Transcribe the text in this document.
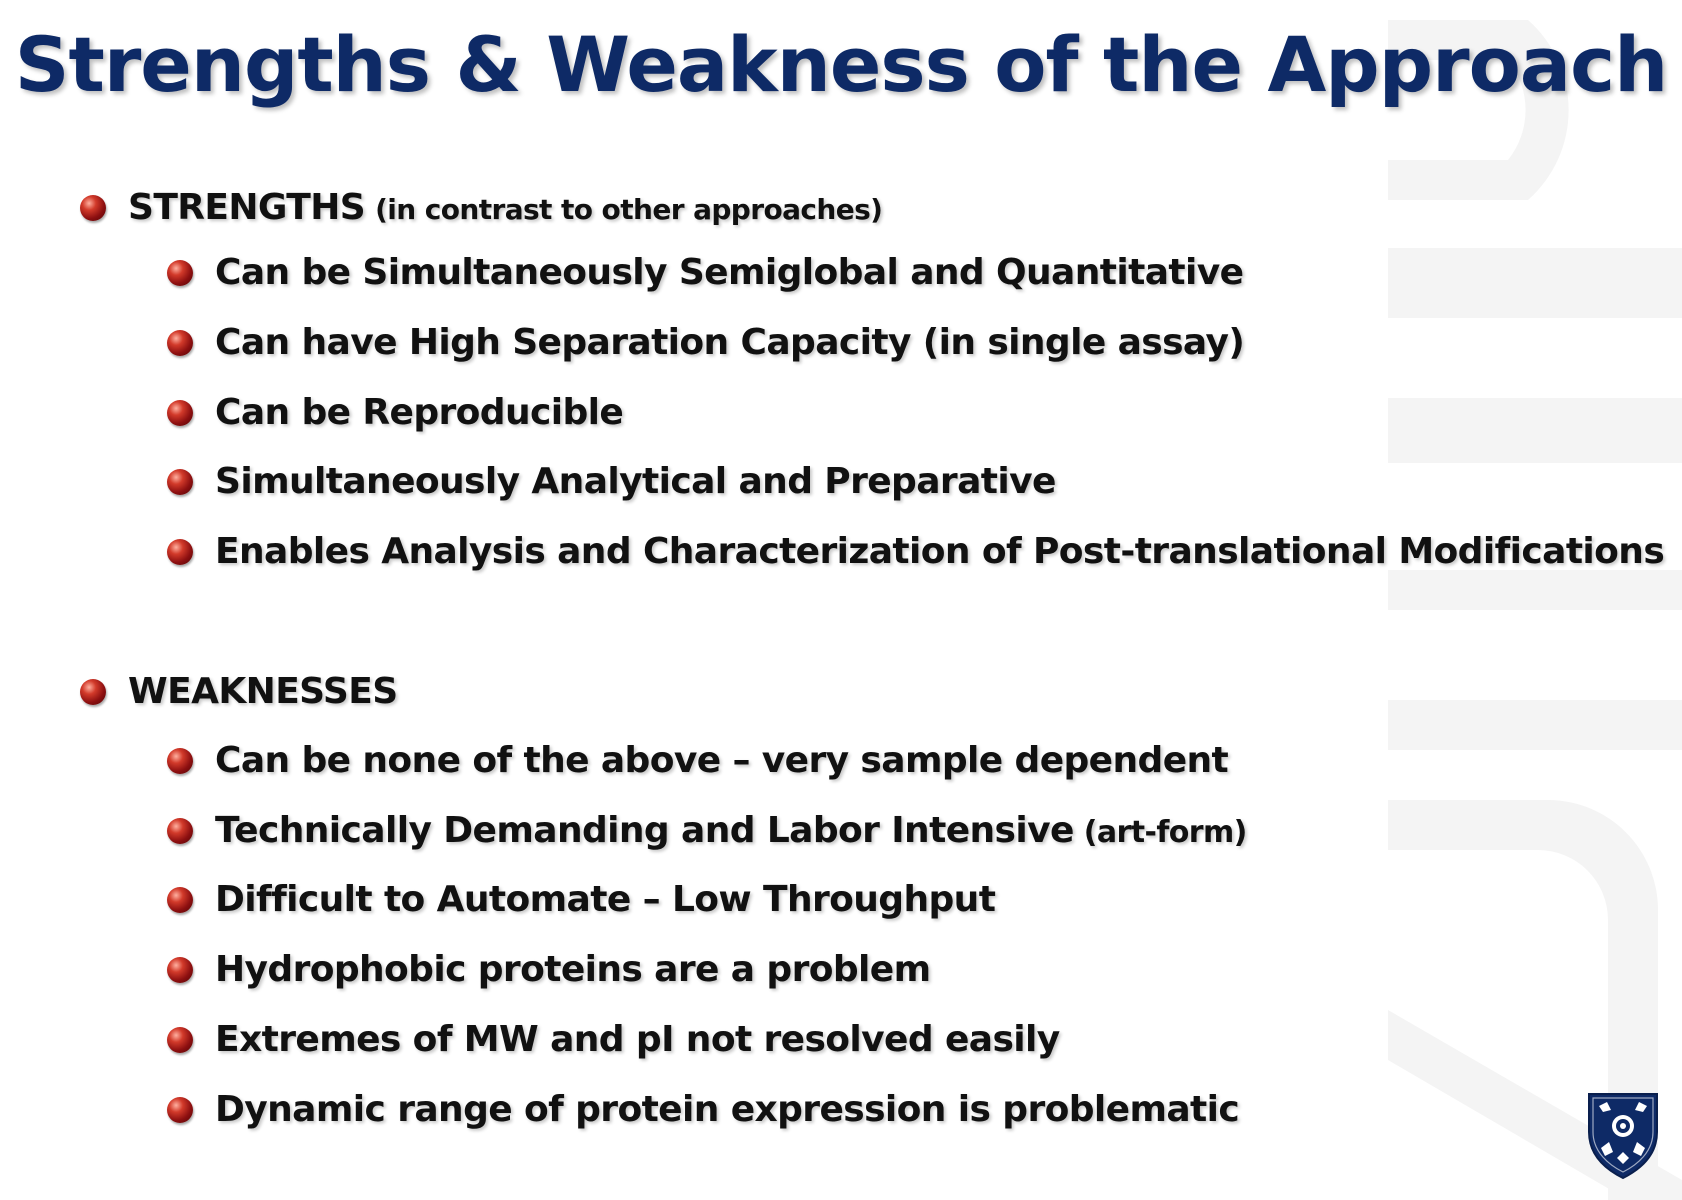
Strengths & Weakness of the Approach
STRENGTHS (in contrast to other approaches)
Can be Simultaneously Semiglobal and Quantitative
Can have High Separation Capacity (in single assay)
Can be Reproducible
Simultaneously Analytical and Preparative
Enables Analysis and Characterization of Post-translational Modifications
WEAKNESSES
Can be none of the above – very sample dependent
Technically Demanding and Labor Intensive (art-form)
Difficult to Automate – Low Throughput
Hydrophobic proteins are a problem
Extremes of MW and pI not resolved easily
Dynamic range of protein expression is problematic
